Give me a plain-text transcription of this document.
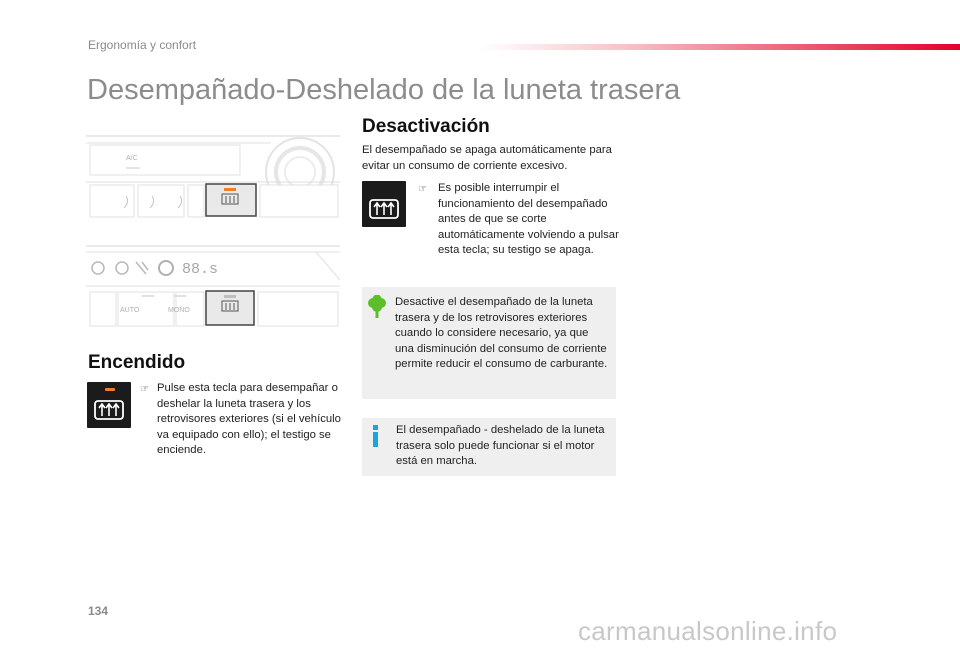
Ergonomía y confort
Desempañado-Deshelado de la luneta trasera
A/C
88.s
AUTO	MONO
Encendido
☞ Pulse esta tecla para desempañar o deshelar la luneta trasera y los retrovisores exteriores (si el vehículo va equipado con ello); el testigo se enciende.
Desactivación
El desempañado se apaga automáticamente para evitar un consumo de corriente excesivo.
☞ Es posible interrumpir el funcionamiento del desempañado antes de que se corte automáticamente volviendo a pulsar esta tecla; su testigo se apaga.
Desactive el desempañado de la luneta trasera y de los retrovisores exteriores cuando lo considere necesario, ya que una disminución del consumo de corriente permite reducir el consumo de carburante.
El desempañado - deshelado de la luneta trasera solo puede funcionar si el motor está en marcha.
134
carmanualsonline.info
